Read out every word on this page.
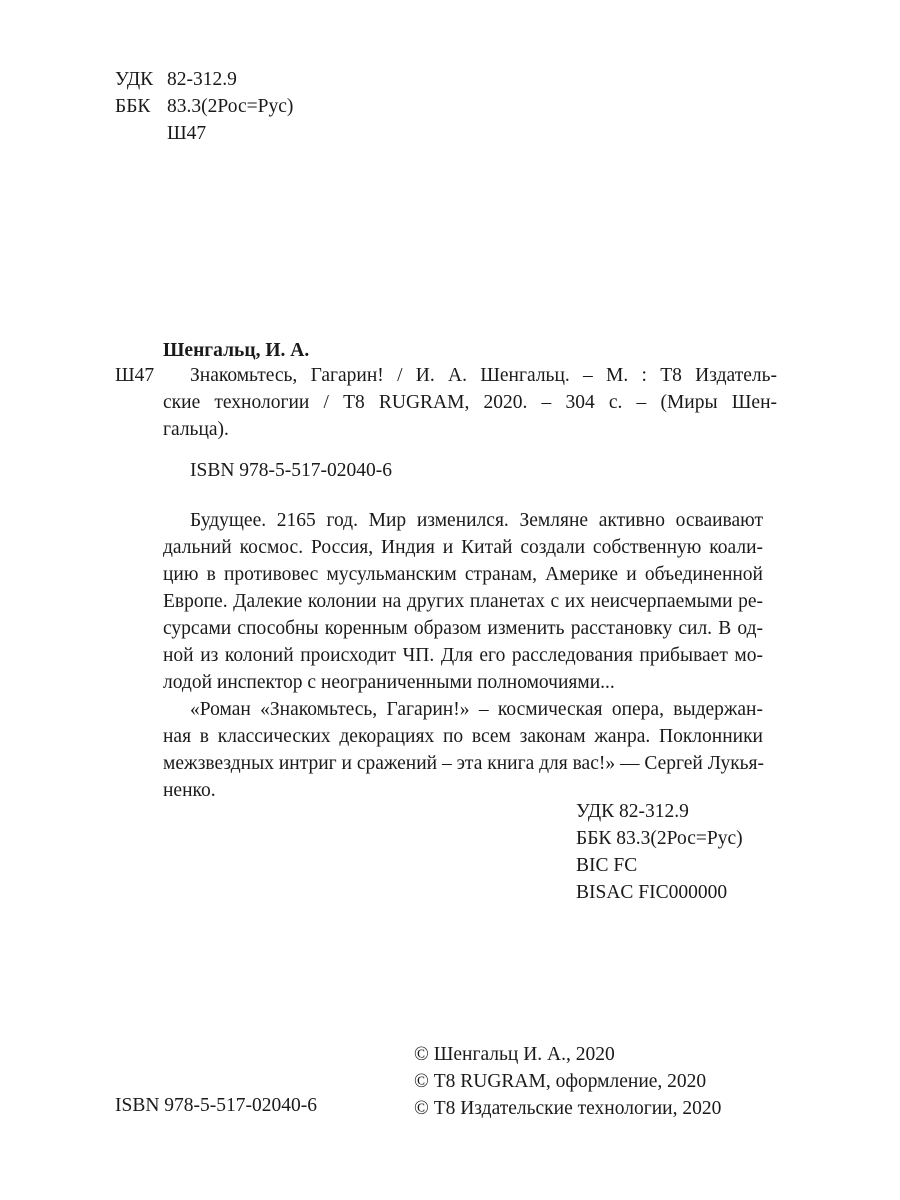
УДК 82-312.9
ББК 83.3(2Рос=Рус)
Ш47
Шенгальц, И. А.
Ш47	Знакомьтесь, Гагарин! / И. А. Шенгальц. – М. : Т8 Издатель-
ские технологии / Т8 RUGRAM, 2020. – 304 с. – (Миры Шен-
гальца).
ISBN 978-5-517-02040-6
Будущее. 2165 год. Мир изменился. Земляне активно осваивают
дальний космос. Россия, Индия и Китай создали собственную коали-
цию в противовес мусульманским странам, Америке и объединенной
Европе. Далекие колонии на других планетах с их неисчерпаемыми ре-
сурсами способны коренным образом изменить расстановку сил. В од-
ной из колоний происходит ЧП. Для его расследования прибывает мо-
лодой инспектор с неограниченными полномочиями...
«Роман «Знакомьтесь, Гагарин!» – космическая опера, выдержан-
ная в классических декорациях по всем законам жанра. Поклонники
межзвездных интриг и сражений – эта книга для вас!» — Сергей Лукья-
ненко.
УДК 82-312.9
ББК 83.3(2Рос=Рус)
BIC FC
BISAC FIC000000
© Шенгальц И. А., 2020
© Т8 RUGRAM, оформление, 2020
© Т8 Издательские технологии, 2020
ISBN 978-5-517-02040-6
